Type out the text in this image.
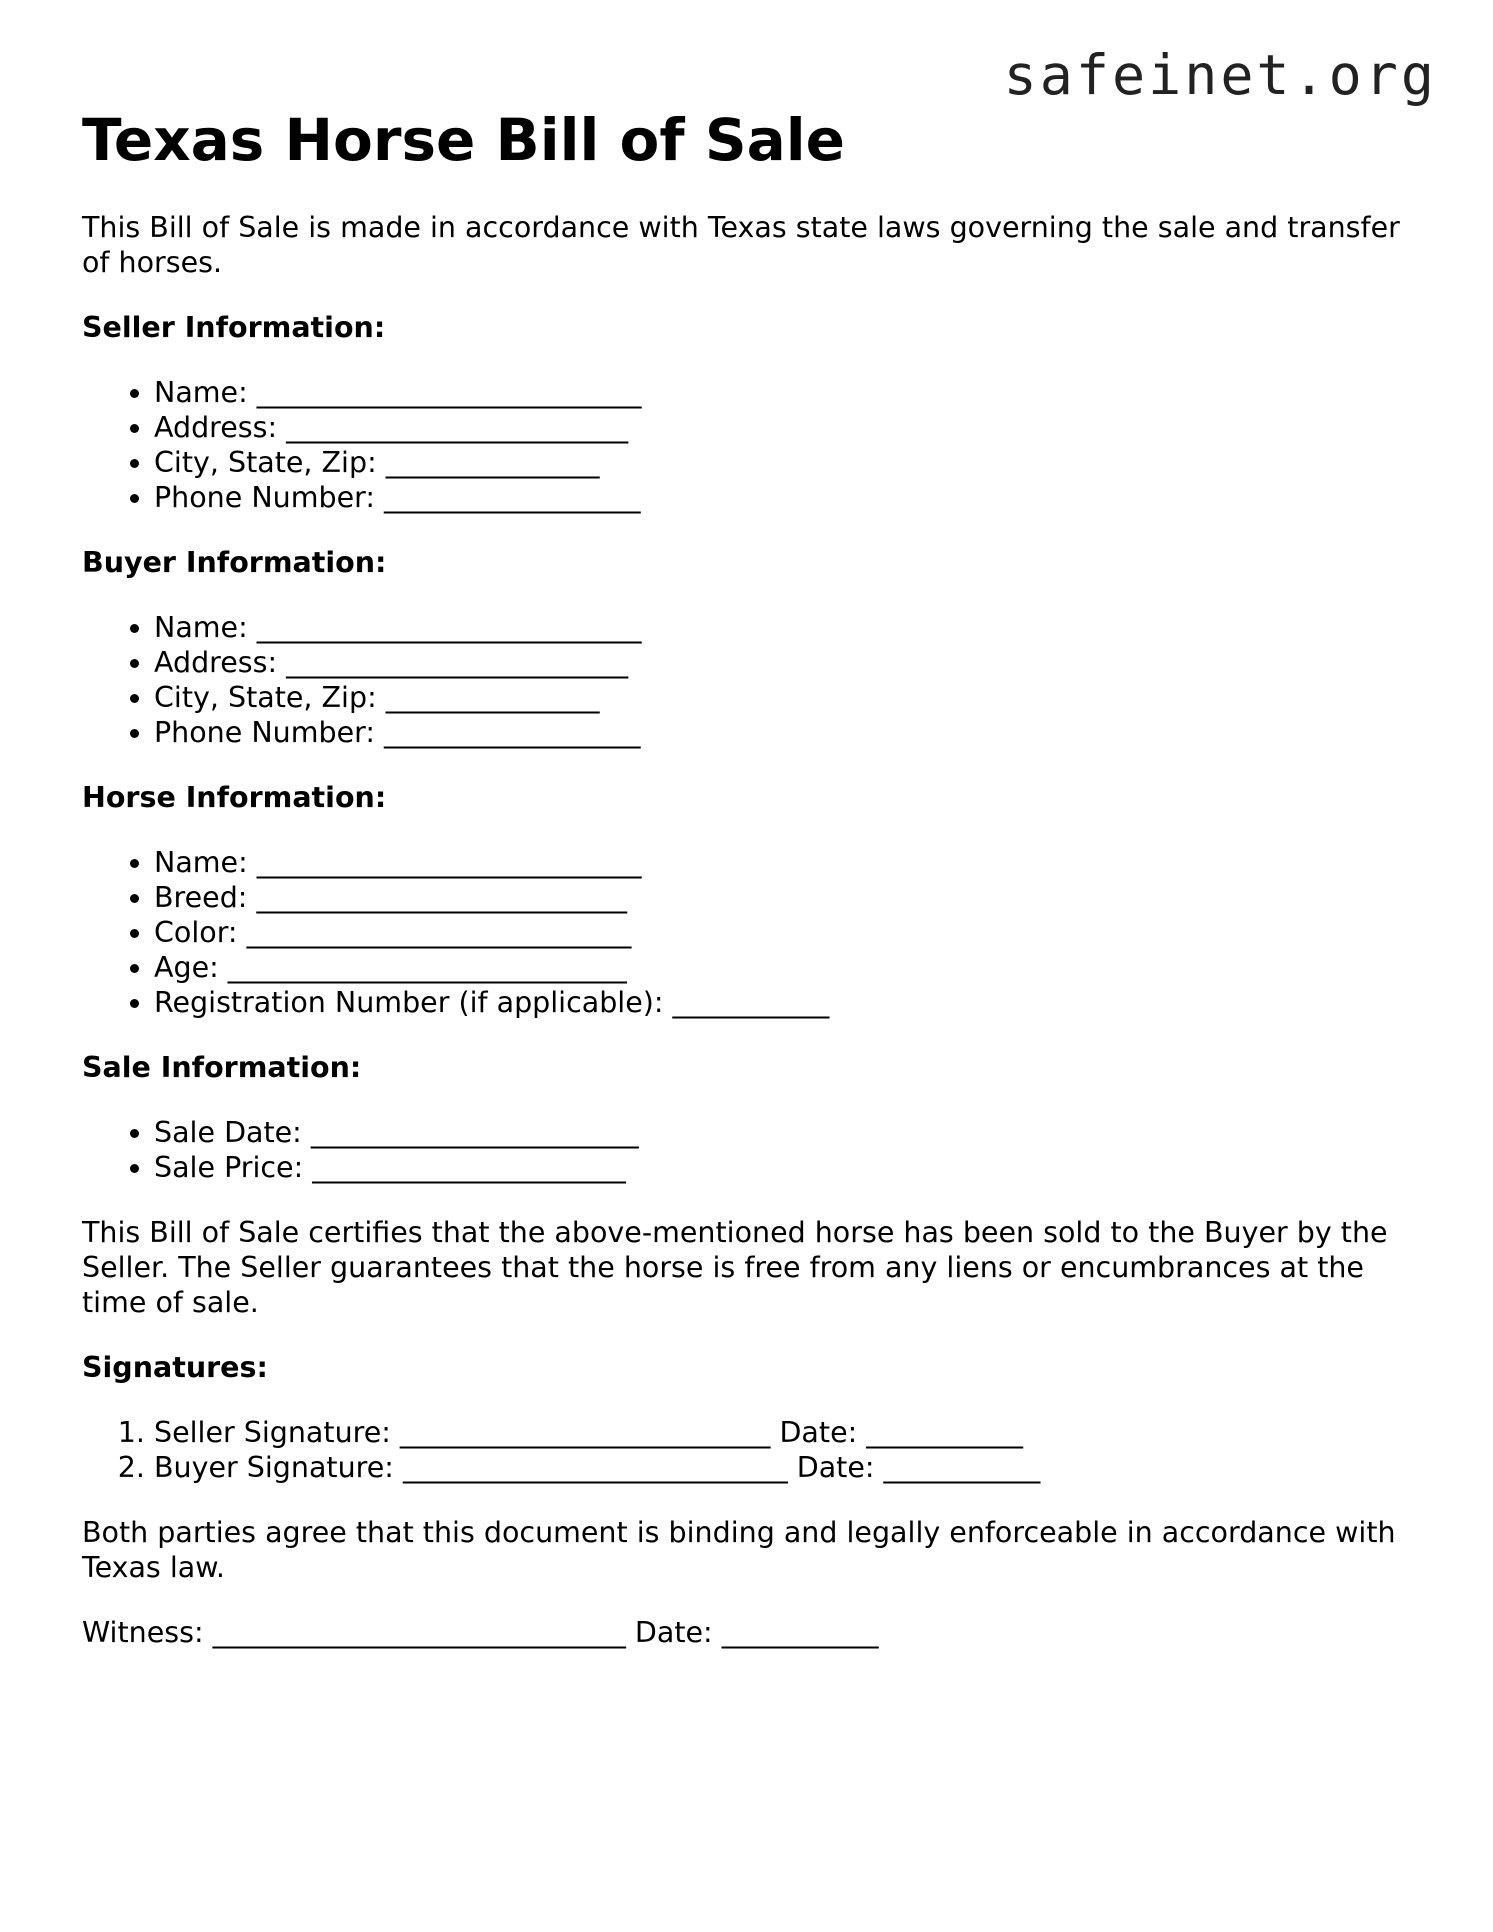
safeinet.org
Texas Horse Bill of Sale

This Bill of Sale is made in accordance with Texas state laws governing the sale and transfer of horses.

Seller Information:
• Name: ___________________________
• Address: ________________________
• City, State, Zip: _______________
• Phone Number: __________________
Buyer Information:
• Name: ___________________________
• Address: ________________________
• City, State, Zip: _______________
• Phone Number: __________________
Horse Information:
• Name: ___________________________
• Breed: __________________________
• Color: ___________________________
• Age: ____________________________
• Registration Number (if applicable): ___________
Sale Information:
• Sale Date: _______________________
• Sale Price: ______________________

This Bill of Sale certifies that the above-mentioned horse has been sold to the Buyer by the Seller. The Seller guarantees that the horse is free from any liens or encumbrances at the time of sale.

Signatures:
1. Seller Signature: __________________________ Date: ___________
2. Buyer Signature: ___________________________ Date: ___________

Both parties agree that this document is binding and legally enforceable in accordance with Texas law.

Witness: _____________________________ Date: ___________
